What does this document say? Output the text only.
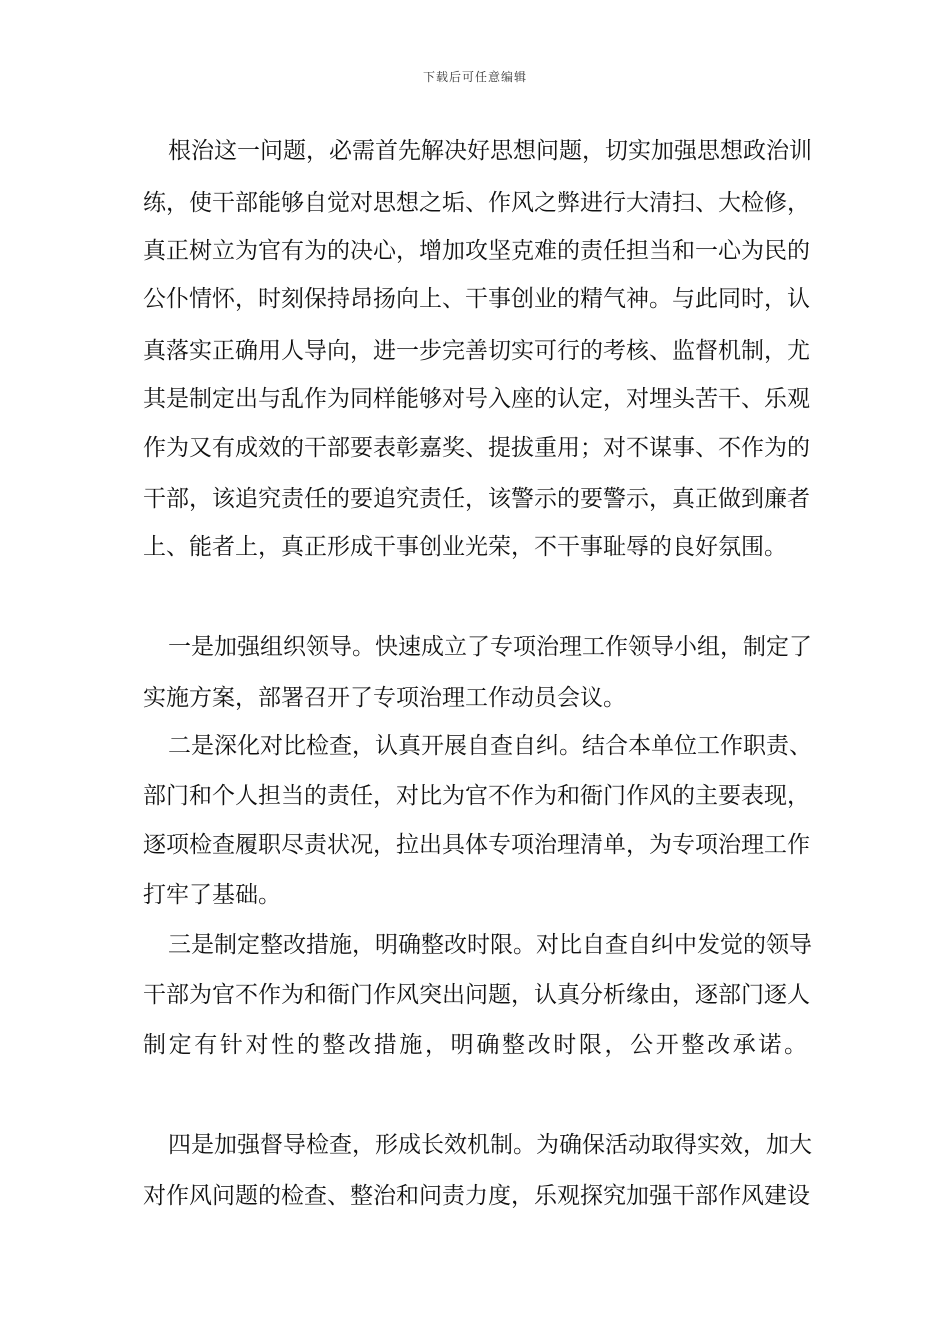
下载后可任意编辑
根治这一问题，必需首先解决好思想问题，切实加强思想政治训
练，使干部能够自觉对思想之垢、作风之弊进行大清扫、大检修，
真正树立为官有为的决心，增加攻坚克难的责任担当和一心为民的
公仆情怀，时刻保持昂扬向上、干事创业的精气神。与此同时，认
真落实正确用人导向，进一步完善切实可行的考核、监督机制，尤
其是制定出与乱作为同样能够对号入座的认定，对埋头苦干、乐观
作为又有成效的干部要表彰嘉奖、提拔重用；对不谋事、不作为的
干部，该追究责任的要追究责任，该警示的要警示，真正做到廉者
上、能者上，真正形成干事创业光荣，不干事耻辱的良好氛围。
一是加强组织领导。快速成立了专项治理工作领导小组，制定了
实施方案，部署召开了专项治理工作动员会议。
二是深化对比检查，认真开展自查自纠。结合本单位工作职责、
部门和个人担当的责任，对比为官不作为和衙门作风的主要表现，
逐项检查履职尽责状况，拉出具体专项治理清单，为专项治理工作
打牢了基础。
三是制定整改措施，明确整改时限。对比自查自纠中发觉的领导
干部为官不作为和衙门作风突出问题，认真分析缘由，逐部门逐人
制定有针对性的整改措施，明确整改时限，公开整改承诺。
四是加强督导检查，形成长效机制。为确保活动取得实效，加大
对作风问题的检查、整治和问责力度，乐观探究加强干部作风建设
